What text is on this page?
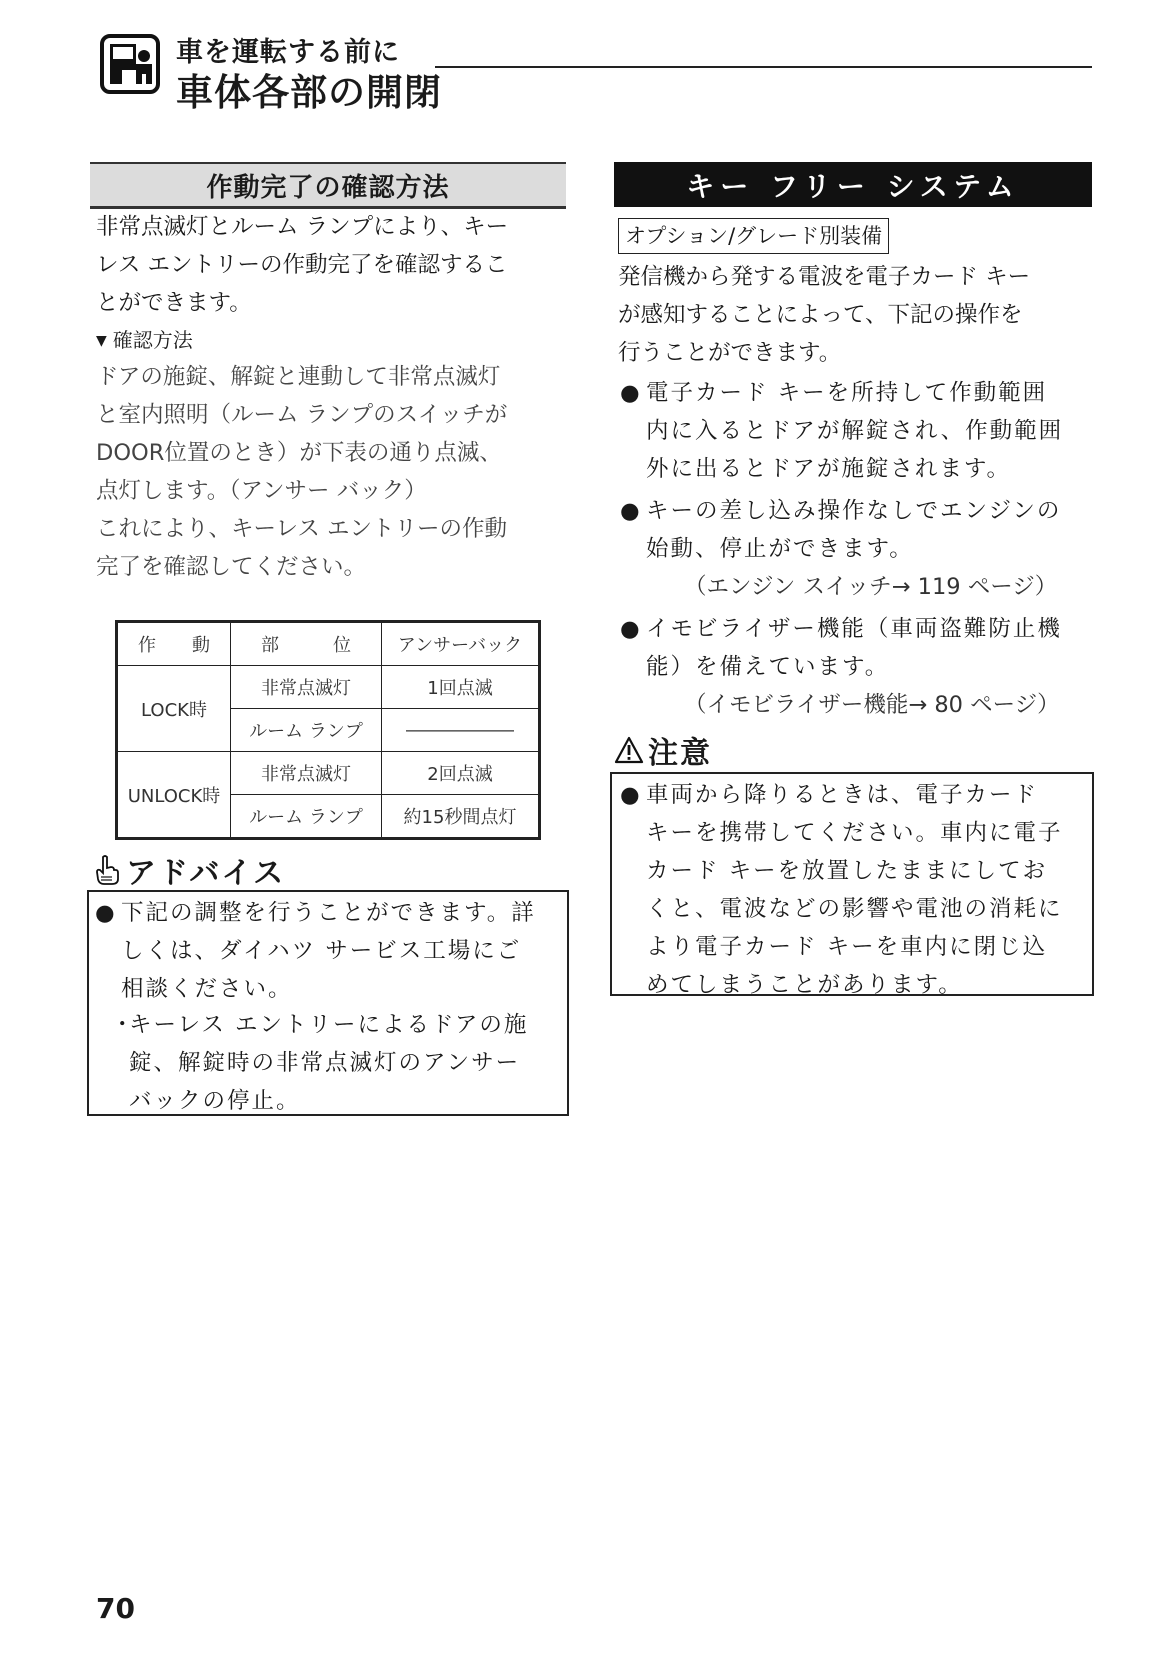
車を運転する前に
車体各部の開閉
作動完了の確認方法
非常点滅灯とルーム ランプにより、キー
レス エントリーの作動完了を確認するこ
とができます。
▼ 確認方法
ドアの施錠、解錠と連動して非常点滅灯
と室内照明（ルーム ランプのスイッチが
DOOR位置のとき）が下表の通り点滅、
点灯します。（アンサー バック）
これにより、キーレス エントリーの作動
完了を確認してください。
作　　動	部　　　位	アンサーバック
LOCK時	非常点滅灯	1回点滅
	ルーム ランプ	――――――
UNLOCK時	非常点滅灯	2回点滅
	ルーム ランプ	約15秒間点灯
アドバイス
● 下記の調整を行うことができます。詳
しくは、ダイハツ サービス工場にご
相談ください。
・
キーレス エントリーによるドアの施
錠、解錠時の非常点滅灯のアンサー
バックの停止。
キー フリー システム
オプション/グレード別装備
発信機から発する電波を電子カード キー
が感知することによって、下記の操作を
行うことができます。
● 電子カード キーを所持して作動範囲
内に入るとドアが解錠され、作動範囲
外に出るとドアが施錠されます。
● キーの差し込み操作なしでエンジンの
始動、停止ができます。
（エンジン スイッチ→ 119 ページ）
● イモビライザー機能（車両盗難防止機
能）を備えています。
（イモビライザー機能→ 80 ページ）
注意
● 車両から降りるときは、電子カード
キーを携帯してください。車内に電子
カード キーを放置したままにしてお
くと、電波などの影響や電池の消耗に
より電子カード キーを車内に閉じ込
めてしまうことがあります。
70
